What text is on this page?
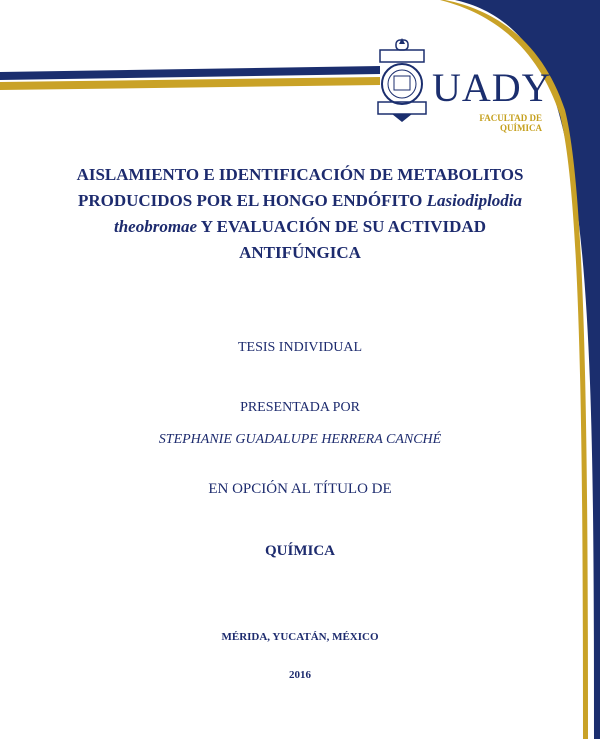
UADY
FACULTAD DE
QUÍMICA
AISLAMIENTO E IDENTIFICACIÓN DE METABOLITOS PRODUCIDOS POR EL HONGO ENDÓFITO Lasiodiplodia theobromae Y EVALUACIÓN DE SU ACTIVIDAD ANTIFÚNGICA
TESIS INDIVIDUAL
PRESENTADA POR
STEPHANIE GUADALUPE HERRERA CANCHÉ
EN OPCIÓN AL TÍTULO DE
QUÍMICA
MÉRIDA, YUCATÁN, MÉXICO
2016
